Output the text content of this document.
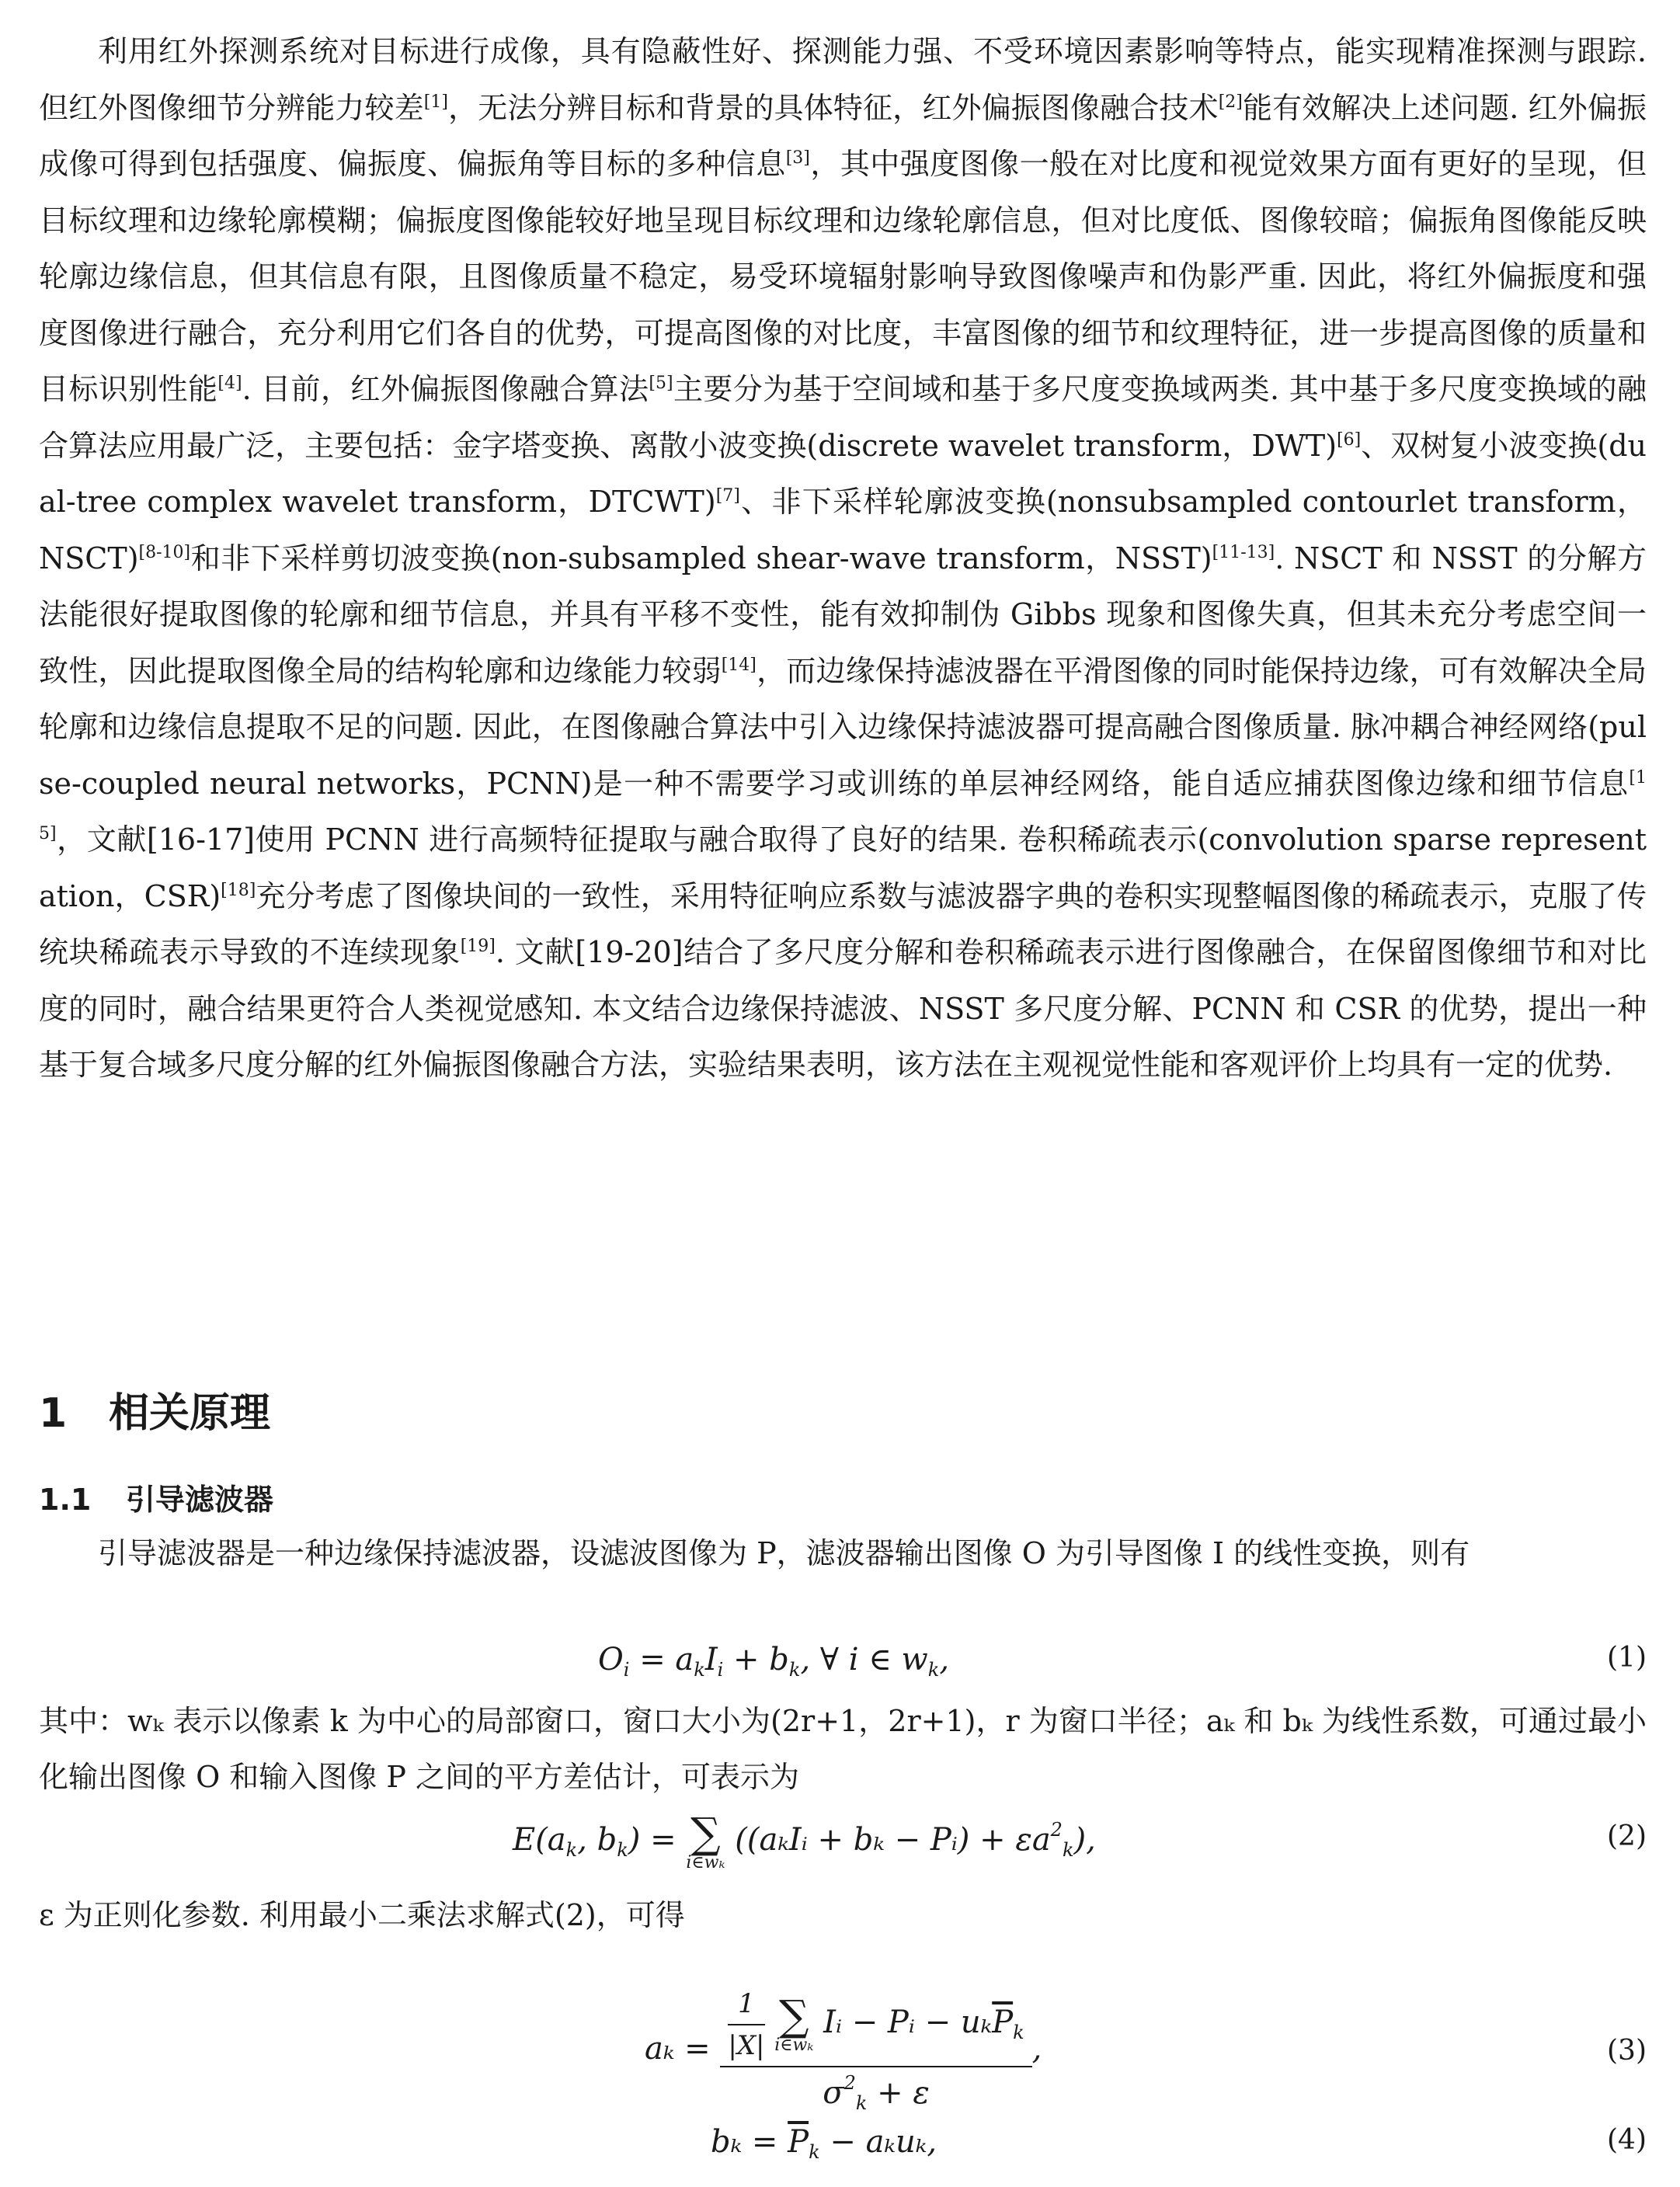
利用红外探测系统对目标进行成像，具有隐蔽性好、探测能力强、不受环境因素影响等特点，能实现精准探测与跟踪. 但红外图像细节分辨能力较差[1]，无法分辨目标和背景的具体特征，红外偏振图像融合技术[2]能有效解决上述问题. 红外偏振成像可得到包括强度、偏振度、偏振角等目标的多种信息[3]，其中强度图像一般在对比度和视觉效果方面有更好的呈现，但目标纹理和边缘轮廓模糊；偏振度图像能较好地呈现目标纹理和边缘轮廓信息，但对比度低、图像较暗；偏振角图像能反映轮廓边缘信息，但其信息有限，且图像质量不稳定，易受环境辐射影响导致图像噪声和伪影严重. 因此，将红外偏振度和强度图像进行融合，充分利用它们各自的优势，可提高图像的对比度，丰富图像的细节和纹理特征，进一步提高图像的质量和目标识别性能[4]. 目前，红外偏振图像融合算法[5]主要分为基于空间域和基于多尺度变换域两类. 其中基于多尺度变换域的融合算法应用最广泛，主要包括：金字塔变换、离散小波变换(discrete wavelet transform，DWT)[6]、双树复小波变换(dual-tree complex wavelet transform，DTCWT)[7]、非下采样轮廓波变换(nonsubsampled contourlet transform，NSCT)[8-10]和非下采样剪切波变换(non-subsampled shear-wave transform，NSST)[11-13]. NSCT 和 NSST 的分解方法能很好提取图像的轮廓和细节信息，并具有平移不变性，能有效抑制伪 Gibbs 现象和图像失真，但其未充分考虑空间一致性，因此提取图像全局的结构轮廓和边缘能力较弱[14]，而边缘保持滤波器在平滑图像的同时能保持边缘，可有效解决全局轮廓和边缘信息提取不足的问题. 因此，在图像融合算法中引入边缘保持滤波器可提高融合图像质量. 脉冲耦合神经网络(pulse-coupled neural networks，PCNN)是一种不需要学习或训练的单层神经网络，能自适应捕获图像边缘和细节信息[15]，文献[16-17]使用 PCNN 进行高频特征提取与融合取得了良好的结果. 卷积稀疏表示(convolution sparse representation，CSR)[18]充分考虑了图像块间的一致性，采用特征响应系数与滤波器字典的卷积实现整幅图像的稀疏表示，克服了传统块稀疏表示导致的不连续现象[19]. 文献[19-20]结合了多尺度分解和卷积稀疏表示进行图像融合，在保留图像细节和对比度的同时，融合结果更符合人类视觉感知. 本文结合边缘保持滤波、NSST 多尺度分解、PCNN 和 CSR 的优势，提出一种基于复合域多尺度分解的红外偏振图像融合方法，实验结果表明，该方法在主观视觉性能和客观评价上均具有一定的优势.

1 相关原理
1.1 引导滤波器

引导滤波器是一种边缘保持滤波器，设滤波图像为 P，滤波器输出图像 O 为引导图像 I 的线性变换，则有

$O_i = a_kI_i + b_k$, ∀ i ∈ $w_k$,	(1)

其中：wₖ 表示以像素 k 为中心的局部窗口，窗口大小为(2r+1，2r+1)，r 为窗口半径；aₖ 和 bₖ 为线性系数，可通过最小化输出图像 O 和输入图像 P 之间的平方差估计，可表示为

$E(a_k$, $b_k$) = ∑
i∈wₖ
((aₖIᵢ + bₖ − Pᵢ) + $\varepsilon a^2_k$),	(2)

ε 为正则化参数. 利用最小二乘法求解式(2)，可得

$a_k = \frac{1}{|X|}$
∑
i∈wₖ
Iᵢ − Pᵢ − $u_k\overline{P}_k$
$\sigma^2_k + \varepsilon$ ,	(3)
$b_k = \overline{P}_k - a_ku_k$,	(4)
